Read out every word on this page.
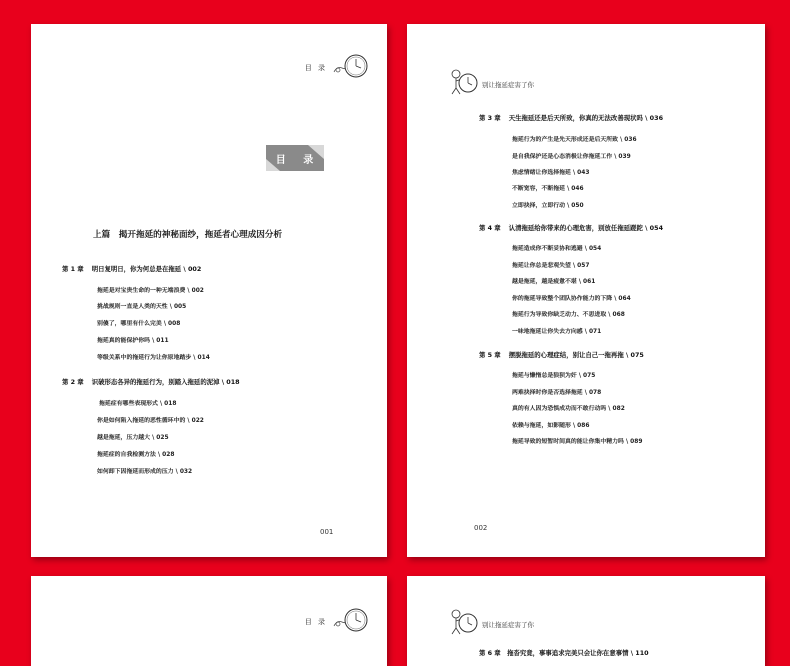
目 录
目 录
上篇　揭开拖延的神秘面纱，拖延者心理成因分析
第 1 章 明日复明日，你为何总是在拖延 \ 002
拖延是对宝贵生命的一种无端浪费 \ 002
挑战规则一直是人类的天性 \ 005
别傻了，哪里有什么完美 \ 008
拖延真的能保护你吗 \ 011
等级关系中的拖延行为让你原地踏步 \ 014
第 2 章 识破形态各异的拖延行为，别踏入拖延的泥淖 \ 018
拖延症有哪些表现形式 \ 018
你是如何陷入拖延的恶性循环中的 \ 022
越是拖延，压力越大 \ 025
拖延症的自我检测方法 \ 028
如何卸下因拖延而形成的压力 \ 032
001
别让拖延症害了你
第 3 章 天生拖延还是后天所致，你真的无法改善现状吗 \ 036
拖延行为的产生是先天形成还是后天所致 \ 036
是自我保护还是心态消极让你拖延工作 \ 039
焦虑情绪让你选择拖延 \ 043
不断宽容，不断拖延 \ 046
立即抉择，立即行动 \ 050
第 4 章 认清拖延给你带来的心理危害，别放任拖延蹉跎 \ 054
拖延造成你不断妥协和逃避 \ 054
拖延让你总是悲观失望 \ 057
越是拖延，越是疲惫不堪 \ 061
你的拖延导致整个团队协作能力的下降 \ 064
拖延行为导致你缺乏动力、不思进取 \ 068
一味地拖延让你失去方向感 \ 071
第 5 章 摆脱拖延的心理症结，别让自己一拖再拖 \ 075
拖延与懒惰总是狼狈为奸 \ 075
两难抉择时你是否选择拖延 \ 078
真的有人因为恐惧成功而不敢行动吗 \ 082
依赖与拖延，如影随形 \ 086
拖延导致的短暂时间真的能让你集中精力吗 \ 089
002
目 录	别让拖延症害了你
第 6 章　拖沓究竟，事事追求完美只会让你在意事情 \ 110
